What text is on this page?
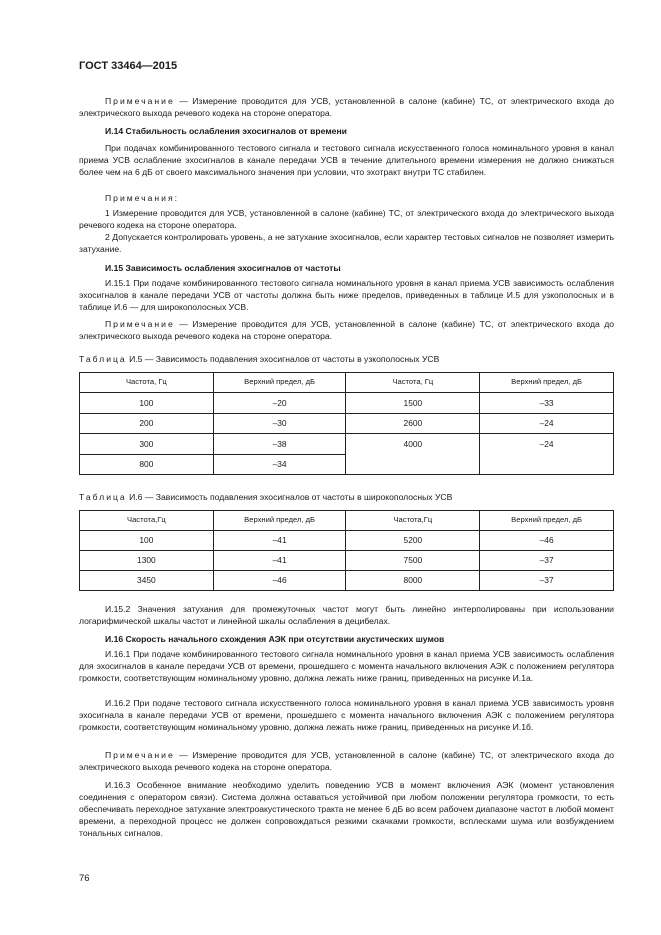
ГОСТ 33464—2015
Примечание — Измерение проводится для УСВ, установленной в салоне (кабине) ТС, от электрического входа до электрического выхода речевого кодека на стороне оператора.
И.14 Стабильность ослабления эхосигналов от времени
При подачах комбинированного тестового сигнала и тестового сигнала искусственного голоса номинального уровня в канал приема УСВ ослабление эхосигналов в канале передачи УСВ в течение длительного времени измерения не должно снижаться более чем на 6 дБ от своего максимального значения при условии, что эхотракт внутри ТС стабилен.
Примечания:
1 Измерение проводится для УСВ, установленной в салоне (кабине) ТС, от электрического входа до электрического выхода речевого кодека на стороне оператора.
2 Допускается контролировать уровень, а не затухание эхосигналов, если характер тестовых сигналов не позволяет измерить затухание.
И.15 Зависимость ослабления эхосигналов от частоты
И.15.1 При подаче комбинированного тестового сигнала номинального уровня в канал приема УСВ зависимость ослабления эхосигналов в канале передачи УСВ от частоты должна быть ниже пределов, приведенных в таблице И.5 для узкополосных и в таблице И.6 — для широкополосных УСВ.
Примечание — Измерение проводится для УСВ, установленной в салоне (кабине) ТС, от электрического входа до электрического выхода речевого кодека на стороне оператора.
Таблица И.5 — Зависимость подавления эхосигналов от частоты в узкополосных УСВ
Частота, Гц	Верхний предел, дБ	Частота, Гц	Верхний предел, дБ
100	–20	1500	–33
200	–30	2600	–24
300	–38	4000	–24
800	–34		
Таблица И.6 — Зависимость подавления эхосигналов от частоты в широкополосных УСВ
Частота,Гц	Верхний предел, дБ	Частота,Гц	Верхний предел, дБ
100	–41	5200	–46
1300	–41	7500	–37
3450	–46	8000	–37
И.15.2 Значения затухания для промежуточных частот могут быть линейно интерполированы при использовании логарифмической шкалы частот и линейной шкалы ослабления в децибелах.
И.16 Скорость начального схождения АЭК при отсутствии акустических шумов
И.16.1 При подаче комбинированного тестового сигнала номинального уровня в канал приема УСВ зависимость ослабления для эхосигналов в канале передачи УСВ от времени, прошедшего с момента начального включения АЭК с положением регулятора громкости, соответствующим номинальному уровню, должна лежать ниже границ, приведенных на рисунке И.1а.
И.16.2 При подаче тестового сигнала искусственного голоса номинального уровня в канал приема УСВ зависимость уровня эхосигнала в канале передачи УСВ от времени, прошедшего с момента начального включения АЭК с положением регулятора громкости, соответствующим номинальному уровню, должна лежать ниже границ, приведенных на рисунке И.1б.
Примечание — Измерение проводится для УСВ, установленной в салоне (кабине) ТС, от электрического входа до электрического выхода речевого кодека на стороне оператора.
И.16.3 Особенное внимание необходимо уделить поведению УСВ в момент включения АЭК (момент установления соединения с оператором связи). Система должна оставаться устойчивой при любом положении регулятора громкости, то есть обеспечивать переходное затухание электроакустического тракта не менее 6 дБ во всем рабочем диапазоне частот в любой момент времени, а переходной процесс не должен сопровождаться резкими скачками громкости, всплесками шума или возбуждением тональных сигналов.
76
